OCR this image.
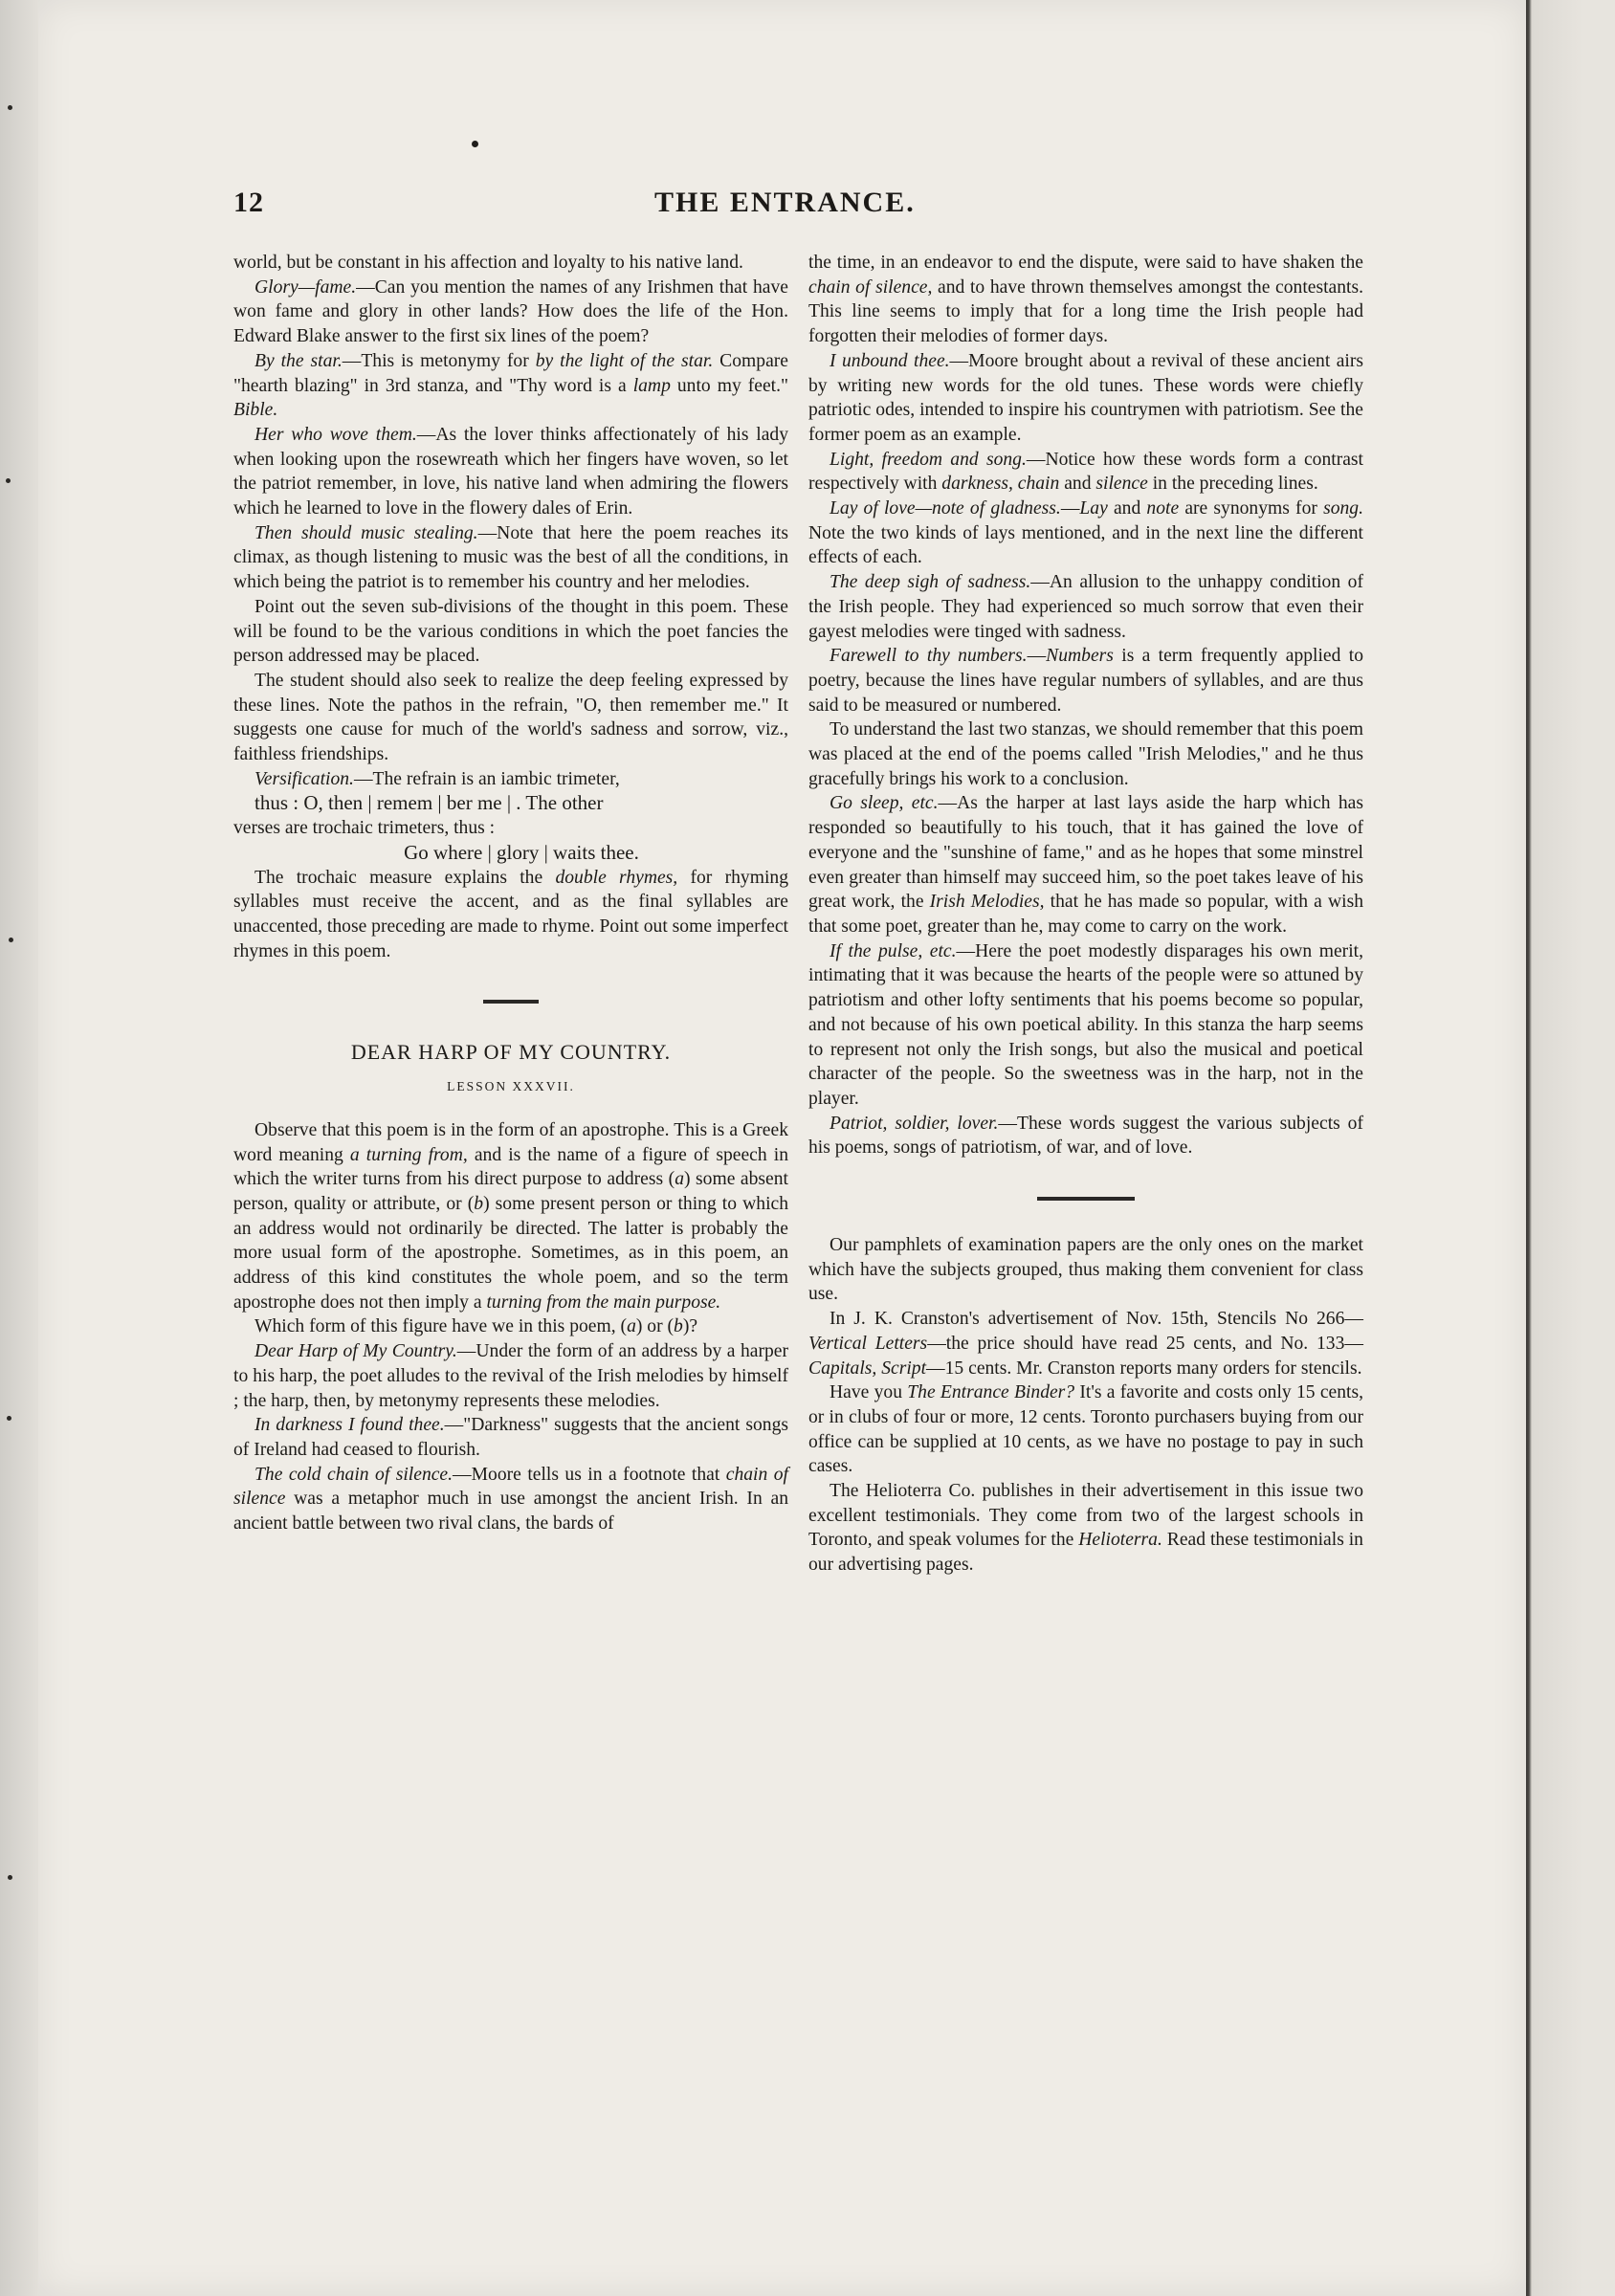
12	THE ENTRANCE.

world, but be constant in his affection and loyalty to his native land.

Glory—fame.—Can you mention the names of any Irishmen that have won fame and glory in other lands? How does the life of the Hon. Edward Blake answer to the first six lines of the poem?

By the star.—This is metonymy for by the light of the star. Compare "hearth blazing" in 3rd stanza, and "Thy word is a lamp unto my feet." Bible.

Her who wove them.—As the lover thinks affectionately of his lady when looking upon the rosewreath which her fingers have woven, so let the patriot remember, in love, his native land when admiring the flowers which he learned to love in the flowery dales of Erin.

Then should music stealing.—Note that here the poem reaches its climax, as though listening to music was the best of all the conditions, in which being the patriot is to remember his country and her melodies.

Point out the seven sub-divisions of the thought in this poem. These will be found to be the various conditions in which the poet fancies the person addressed may be placed.

The student should also seek to realize the deep feeling expressed by these lines. Note the pathos in the refrain, "O, then remember me." It suggests one cause for much of the world's sadness and sorrow, viz., faithless friendships.

Versification.—The refrain is an iambic trimeter,

thus : O, then | remem | ber me | . The other

verses are trochaic trimeters, thus :

Go where | glory | waits thee.

The trochaic measure explains the double rhymes, for rhyming syllables must receive the accent, and as the final syllables are unaccented, those preceding are made to rhyme. Point out some imperfect rhymes in this poem.

DEAR HARP OF MY COUNTRY.
LESSON XXXVII.

Observe that this poem is in the form of an apostrophe. This is a Greek word meaning a turning from, and is the name of a figure of speech in which the writer turns from his direct purpose to address (a) some absent person, quality or attribute, or (b) some present person or thing to which an address would not ordinarily be directed. The latter is probably the more usual form of the apostrophe. Sometimes, as in this poem, an address of this kind constitutes the whole poem, and so the term apostrophe does not then imply a turning from the main purpose.

Which form of this figure have we in this poem, (a) or (b)?

Dear Harp of My Country.—Under the form of an address by a harper to his harp, the poet alludes to the revival of the Irish melodies by himself ; the harp, then, by metonymy represents these melodies.

In darkness I found thee.—"Darkness" suggests that the ancient songs of Ireland had ceased to flourish.

The cold chain of silence.—Moore tells us in a footnote that chain of silence was a metaphor much in use amongst the ancient Irish. In an ancient battle between two rival clans, the bards of

the time, in an endeavor to end the dispute, were said to have shaken the chain of silence, and to have thrown themselves amongst the contestants. This line seems to imply that for a long time the Irish people had forgotten their melodies of former days.

I unbound thee.—Moore brought about a revival of these ancient airs by writing new words for the old tunes. These words were chiefly patriotic odes, intended to inspire his countrymen with patriotism. See the former poem as an example.

Light, freedom and song.—Notice how these words form a contrast respectively with darkness, chain and silence in the preceding lines.

Lay of love—note of gladness.—Lay and note are synonyms for song. Note the two kinds of lays mentioned, and in the next line the different effects of each.

The deep sigh of sadness.—An allusion to the unhappy condition of the Irish people. They had experienced so much sorrow that even their gayest melodies were tinged with sadness.

Farewell to thy numbers.—Numbers is a term frequently applied to poetry, because the lines have regular numbers of syllables, and are thus said to be measured or numbered.

To understand the last two stanzas, we should remember that this poem was placed at the end of the poems called "Irish Melodies," and he thus gracefully brings his work to a conclusion.

Go sleep, etc.—As the harper at last lays aside the harp which has responded so beautifully to his touch, that it has gained the love of everyone and the "sunshine of fame," and as he hopes that some minstrel even greater than himself may succeed him, so the poet takes leave of his great work, the Irish Melodies, that he has made so popular, with a wish that some poet, greater than he, may come to carry on the work.

If the pulse, etc.—Here the poet modestly disparages his own merit, intimating that it was because the hearts of the people were so attuned by patriotism and other lofty sentiments that his poems become so popular, and not because of his own poetical ability. In this stanza the harp seems to represent not only the Irish songs, but also the musical and poetical character of the people. So the sweetness was in the harp, not in the player.

Patriot, soldier, lover.—These words suggest the various subjects of his poems, songs of patriotism, of war, and of love.

Our pamphlets of examination papers are the only ones on the market which have the subjects grouped, thus making them convenient for class use.

In J. K. Cranston's advertisement of Nov. 15th, Stencils No 266—Vertical Letters—the price should have read 25 cents, and No. 133—Capitals, Script—15 cents. Mr. Cranston reports many orders for stencils.

Have you The Entrance Binder? It's a favorite and costs only 15 cents, or in clubs of four or more, 12 cents. Toronto purchasers buying from our office can be supplied at 10 cents, as we have no postage to pay in such cases.

The Helioterra Co. publishes in their advertisement in this issue two excellent testimonials. They come from two of the largest schools in Toronto, and speak volumes for the Helioterra. Read these testimonials in our advertising pages.
